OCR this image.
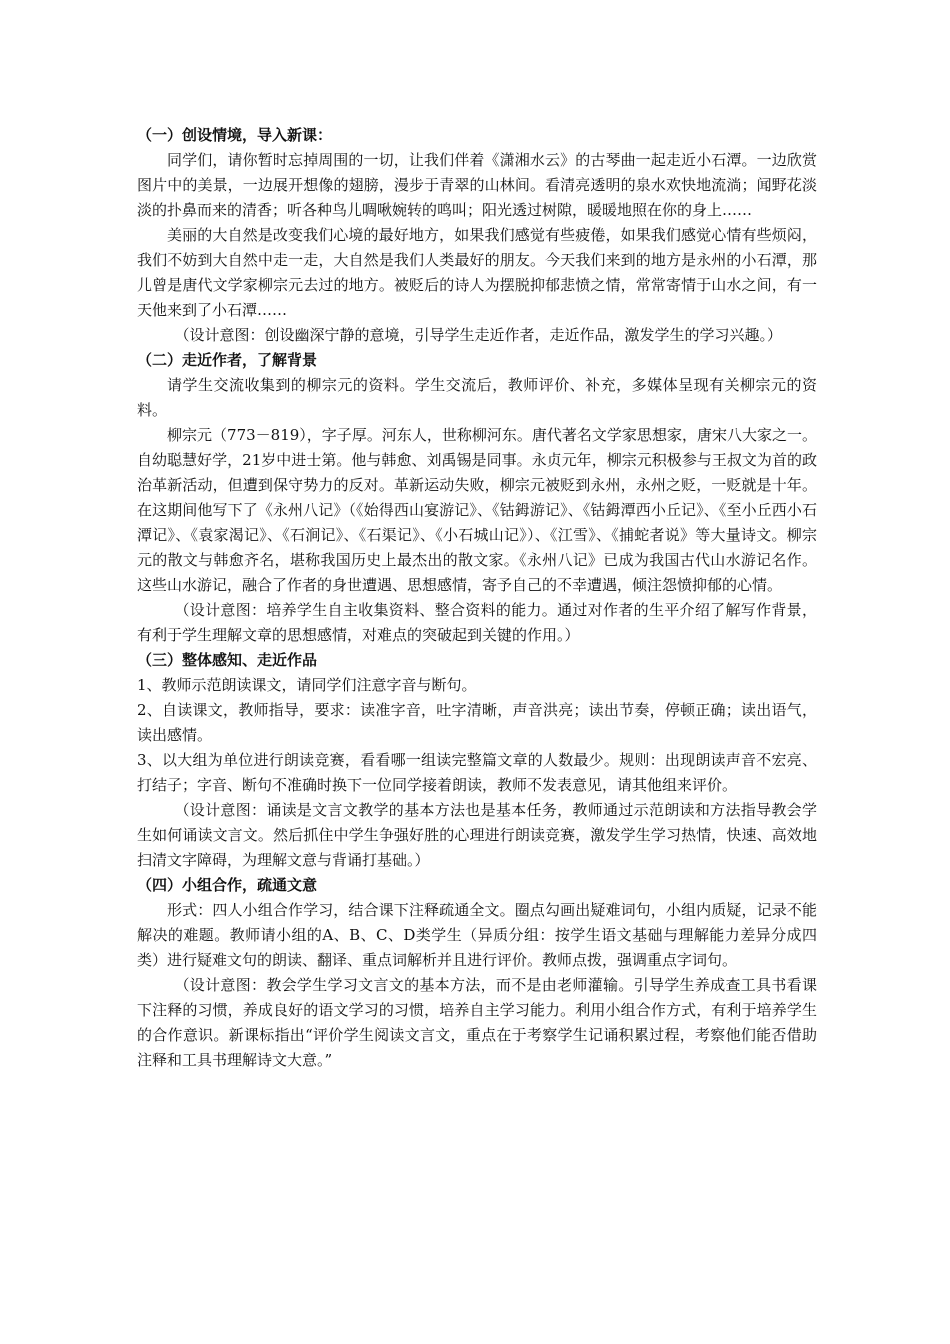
（一）创设情境，导入新课：

同学们，请你暂时忘掉周围的一切，让我们伴着《潇湘水云》的古琴曲一起走近小石潭。一边欣赏图片中的美景，一边展开想像的翅膀，漫步于青翠的山林间。看清亮透明的泉水欢快地流淌；闻野花淡淡的扑鼻而来的清香；听各种鸟儿啁啾婉转的鸣叫；阳光透过树隙，暖暖地照在你的身上……

美丽的大自然是改变我们心境的最好地方，如果我们感觉有些疲倦，如果我们感觉心情有些烦闷，我们不妨到大自然中走一走，大自然是我们人类最好的朋友。今天我们来到的地方是永州的小石潭，那儿曾是唐代文学家柳宗元去过的地方。被贬后的诗人为摆脱抑郁悲愤之情，常常寄情于山水之间，有一天他来到了小石潭……

（设计意图：创设幽深宁静的意境，引导学生走近作者，走近作品，激发学生的学习兴趣。）

（二）走近作者，了解背景

请学生交流收集到的柳宗元的资料。学生交流后，教师评价、补充，多媒体呈现有关柳宗元的资料。

柳宗元（773－819），字子厚。河东人，世称柳河东。唐代著名文学家思想家，唐宋八大家之一。自幼聪慧好学，21岁中进士第。他与韩愈、刘禹锡是同事。永贞元年，柳宗元积极参与王叔文为首的政治革新活动，但遭到保守势力的反对。革新运动失败，柳宗元被贬到永州，永州之贬，一贬就是十年。在这期间他写下了《永州八记》（《始得西山宴游记》、《钴鉧游记》、《钴鉧潭西小丘记》、《至小丘西小石潭记》、《袁家渴记》、《石涧记》、《石渠记》、《小石城山记》）、《江雪》、《捕蛇者说》等大量诗文。柳宗元的散文与韩愈齐名，堪称我国历史上最杰出的散文家。《永州八记》已成为我国古代山水游记名作。这些山水游记，融合了作者的身世遭遇、思想感情，寄予自己的不幸遭遇，倾注怨愤抑郁的心情。

（设计意图：培养学生自主收集资料、整合资料的能力。通过对作者的生平介绍了解写作背景，有利于学生理解文章的思想感情，对难点的突破起到关键的作用。）

（三）整体感知、走近作品

1、教师示范朗读课文，请同学们注意字音与断句。

2、自读课文，教师指导，要求：读准字音，吐字清晰，声音洪亮；读出节奏，停顿正确；读出语气，读出感情。

3、以大组为单位进行朗读竞赛，看看哪一组读完整篇文章的人数最少。规则：出现朗读声音不宏亮、打结子；字音、断句不准确时换下一位同学接着朗读，教师不发表意见，请其他组来评价。

（设计意图：诵读是文言文教学的基本方法也是基本任务，教师通过示范朗读和方法指导教会学生如何诵读文言文。然后抓住中学生争强好胜的心理进行朗读竞赛，激发学生学习热情，快速、高效地扫清文字障碍，为理解文意与背诵打基础。）

（四）小组合作，疏通文意

形式：四人小组合作学习，结合课下注释疏通全文。圈点勾画出疑难词句，小组内质疑，记录不能解决的难题。教师请小组的A、B、C、D类学生（异质分组：按学生语文基础与理解能力差异分成四类）进行疑难文句的朗读、翻译、重点词解析并且进行评价。教师点拨，强调重点字词句。

（设计意图：教会学生学习文言文的基本方法，而不是由老师灌输。引导学生养成查工具书看课下注释的习惯，养成良好的语文学习的习惯，培养自主学习能力。利用小组合作方式，有利于培养学生的合作意识。新课标指出“评价学生阅读文言文，重点在于考察学生记诵积累过程，考察他们能否借助注释和工具书理解诗文大意。”
